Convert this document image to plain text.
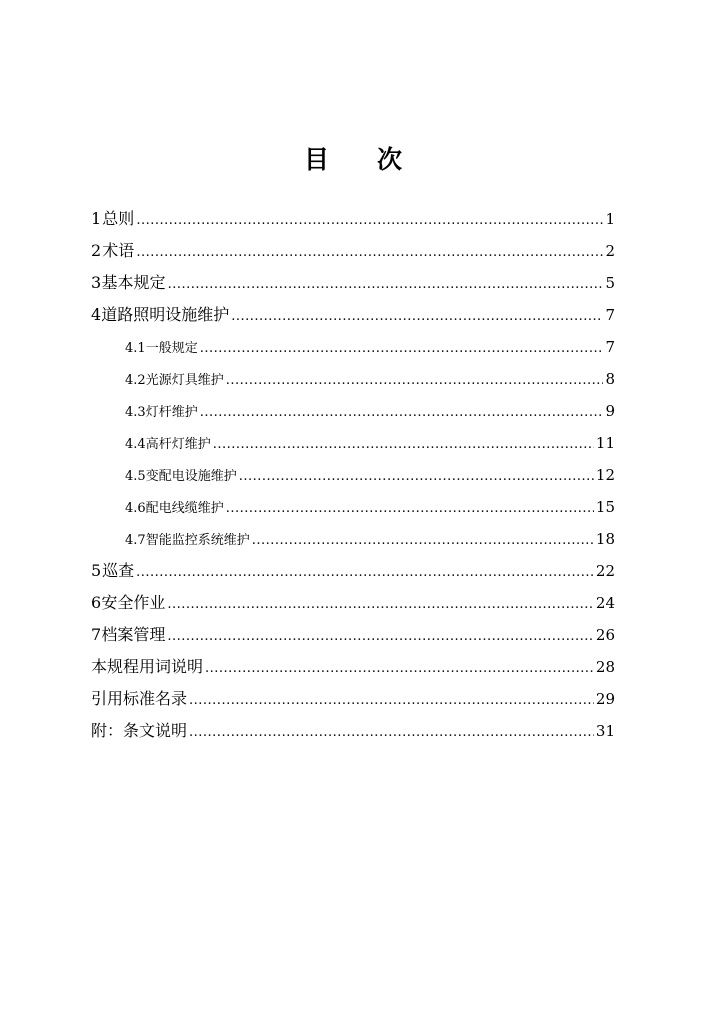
目 次
1 总则 .....	1
2 术语 .....	2
3 基本规定 .....	5
4 道路照明设施维护 .....	7
4.1 一般规定 .....	7
4.2 光源灯具维护 .....	8
4.3 灯杆维护 .....	9
4.4 高杆灯维护 .....	11
4.5 变配电设施维护 .....	12
4.6 配电线缆维护 .....	15
4.7 智能监控系统维护 .....	18
5 巡查 .....	22
6 安全作业 .....	24
7 档案管理 .....	26
本规程用词说明 .....	28
引用标准名录 .....	29
附：条文说明 .....	31
